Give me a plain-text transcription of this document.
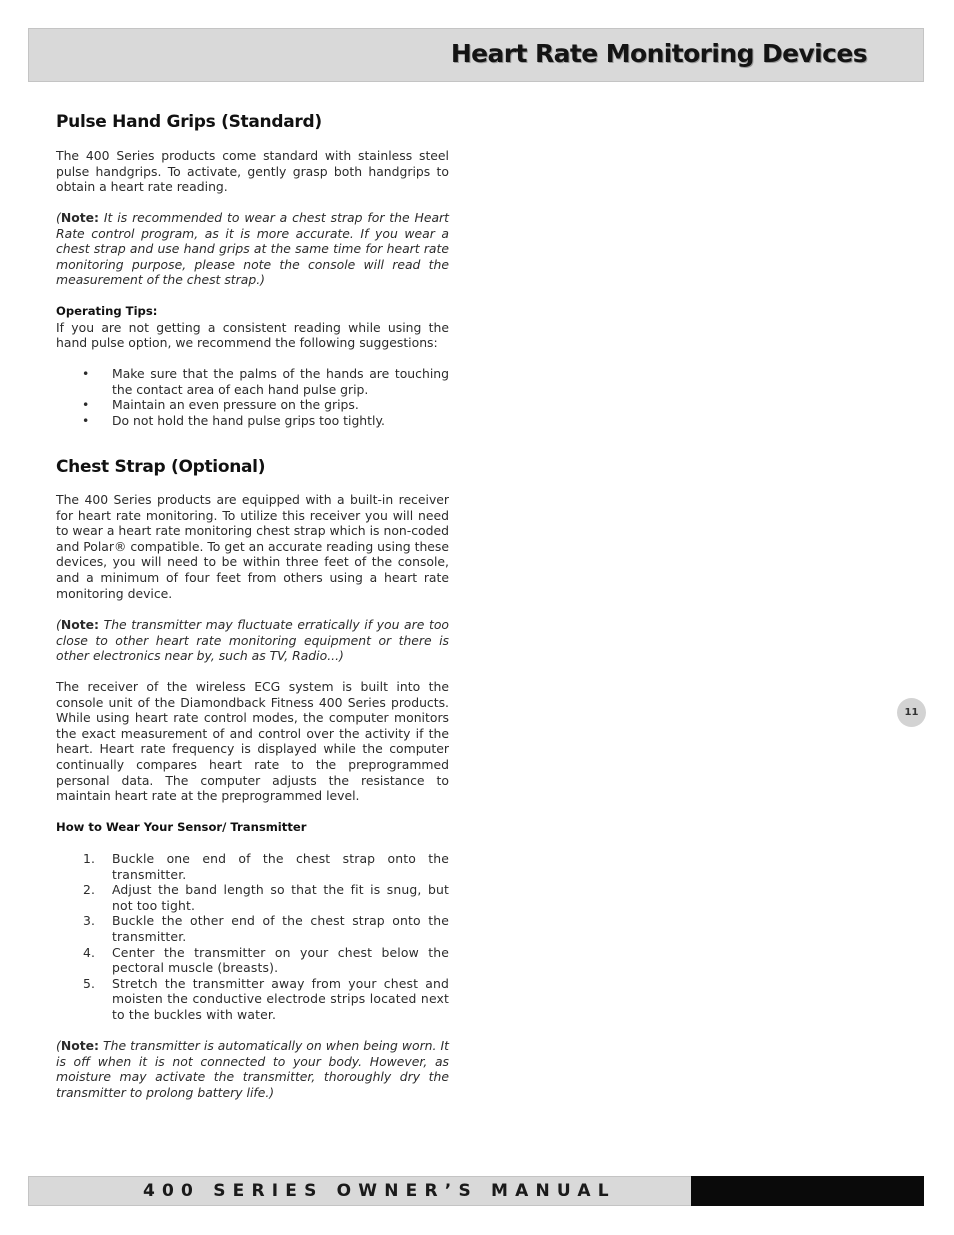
Heart Rate Monitoring Devices
Pulse Hand Grips (Standard)

The 400 Series products come standard with stainless steel pulse handgrips. To activate, gently grasp both handgrips to obtain a heart rate reading.

(Note: It is recommended to wear a chest strap for the Heart Rate control program, as it is more accurate. If you wear a chest strap and use hand grips at the same time for heart rate monitoring purpose, please note the console will read the measurement of the chest strap.)

Operating Tips:

If you are not getting a consistent reading while using the hand pulse option, we recommend the following suggestions:

• Make sure that the palms of the hands are touching the contact area of each hand pulse grip.
• Maintain an even pressure on the grips.
• Do not hold the hand pulse grips too tightly.
Chest Strap (Optional)

The 400 Series products are equipped with a built-in receiver for heart rate monitoring. To utilize this receiver you will need to wear a heart rate monitoring chest strap which is non-coded and Polar® compatible. To get an accurate reading using these devices, you will need to be within three feet of the console, and a minimum of four feet from others using a heart rate monitoring device.

(Note: The transmitter may fluctuate erratically if you are too close to other heart rate monitoring equipment or there is other electronics near by, such as TV, Radio...)

The receiver of the wireless ECG system is built into the console unit of the Diamondback Fitness 400 Series products. While using heart rate control modes, the computer monitors the exact measurement of and control over the activity if the heart. Heart rate frequency is displayed while the computer continually compares heart rate to the preprogrammed personal data. The computer adjusts the resistance to maintain heart rate at the preprogrammed level.

How to Wear Your Sensor/ Transmitter
1. Buckle one end of the chest strap onto the transmitter.
2. Adjust the band length so that the fit is snug, but not too tight.
3. Buckle the other end of the chest strap onto the transmitter.
4. Center the transmitter on your chest below the pectoral muscle (breasts).
5. Stretch the transmitter away from your chest and moisten the conductive electrode strips located next to the buckles with water.

(Note: The transmitter is automatically on when being worn. It is off when it is not connected to your body. However, as moisture may activate the transmitter, thoroughly dry the transmitter to prolong battery life.)

11
400 SERIES OWNER’S MANUAL
